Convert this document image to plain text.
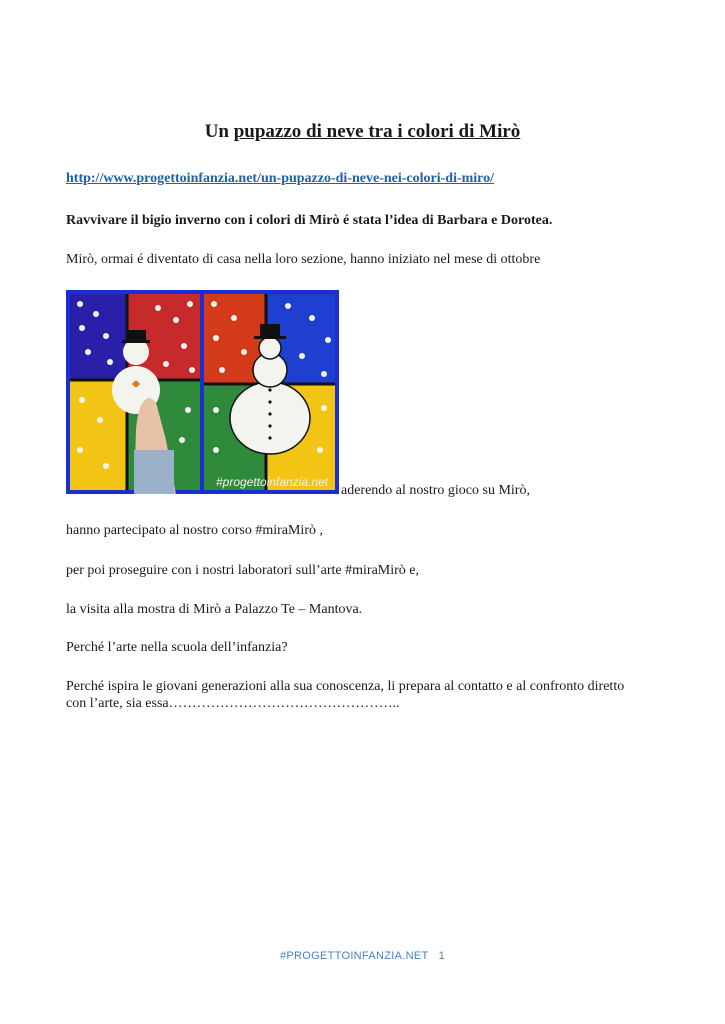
Un pupazzo di neve tra i colori di Mirò
http://www.progettoinfanzia.net/un-pupazzo-di-neve-nei-colori-di-miro/
Ravvivare il bigio inverno con i colori di Mirò é stata l’idea di Barbara e Dorotea.
Mirò, ormai é diventato di casa nella loro sezione, hanno iniziato nel mese di ottobre
#progettoinfanzia.net
aderendo al nostro gioco su Mirò,
hanno partecipato al nostro corso #miraMirò ,
per poi proseguire con i nostri laboratori sull’arte #miraMirò e,
la visita alla mostra di Mirò a Palazzo Te – Mantova.
Perché l’arte nella scuola dell’infanzia?
Perché ispira le giovani generazioni alla sua conoscenza, li prepara al contatto e al confronto diretto
con l’arte, sia essa…………………………………………..
#PROGETTOINFANZIA.NET 1
